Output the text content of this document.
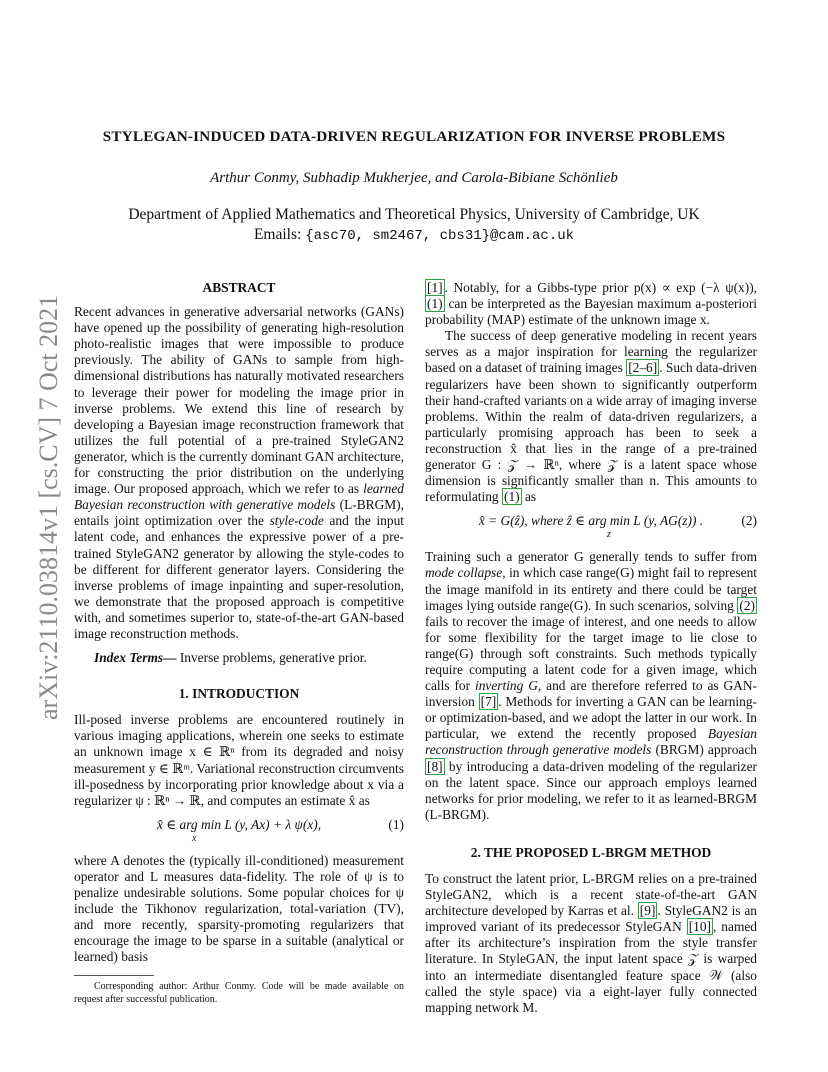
arXiv:2110.03814v1 [cs.CV] 7 Oct 2021
STYLEGAN-INDUCED DATA-DRIVEN REGULARIZATION FOR INVERSE PROBLEMS
Arthur Conmy, Subhadip Mukherjee, and Carola-Bibiane Schönlieb
Department of Applied Mathematics and Theoretical Physics, University of Cambridge, UK
Emails: {asc70, sm2467, cbs31}@cam.ac.uk

ABSTRACT

Recent advances in generative adversarial networks (GANs) have opened up the possibility of generating high-resolution photo-realistic images that were impossible to produce previously. The ability of GANs to sample from high-dimensional distributions has naturally motivated researchers to leverage their power for modeling the image prior in inverse problems. We extend this line of research by developing a Bayesian image reconstruction framework that utilizes the full potential of a pre-trained StyleGAN2 generator, which is the currently dominant GAN architecture, for constructing the prior distribution on the underlying image. Our proposed approach, which we refer to as learned Bayesian reconstruction with generative models (L-BRGM), entails joint optimization over the style-code and the input latent code, and enhances the expressive power of a pre-trained StyleGAN2 generator by allowing the style-codes to be different for different generator layers. Considering the inverse problems of image inpainting and super-resolution, we demonstrate that the proposed approach is competitive with, and sometimes superior to, state-of-the-art GAN-based image reconstruction methods.

Index Terms— Inverse problems, generative prior.

1. INTRODUCTION

Ill-posed inverse problems are encountered routinely in various imaging applications, wherein one seeks to estimate an unknown image x ∈ ℝⁿ from its degraded and noisy measurement y ∈ ℝᵐ. Variational reconstruction circumvents ill-posedness by incorporating prior knowledge about x via a regularizer ψ : ℝⁿ → ℝ, and computes an estimate x̂ as

x̂ ∈ arg min L (y, Ax) + λ ψ(x),	(1)
x

where A denotes the (typically ill-conditioned) measurement operator and L measures data-fidelity. The role of ψ is to penalize undesirable solutions. Some popular choices for ψ include the Tikhonov regularization, total-variation (TV), and more recently, sparsity-promoting regularizers that encourage the image to be sparse in a suitable (analytical or learned) basis

Corresponding author: Arthur Conmy. Code will be made available on request after successful publication.

[1] . Notably, for a Gibbs-type prior p(x) ∝ exp (−λ ψ(x)), (1) can be interpreted as the Bayesian maximum a-posteriori probability (MAP) estimate of the unknown image x.

The success of deep generative modeling in recent years serves as a major inspiration for learning the regularizer based on a dataset of training images [2–6] . Such data-driven regularizers have been shown to significantly outperform their hand-crafted variants on a wide array of imaging inverse problems. Within the realm of data-driven regularizers, a particularly promising approach has been to seek a reconstruction x̂ that lies in the range of a pre-trained generator G : 𝒵 → ℝⁿ, where 𝒵 is a latent space whose dimension is significantly smaller than n. This amounts to reformulating (1) as

x̂ = G(ẑ), where ẑ ∈ arg min L (y, AG(z)) .	(2)
z

Training such a generator G generally tends to suffer from mode collapse, in which case range(G) might fail to represent the image manifold in its entirety and there could be target images lying outside range(G). In such scenarios, solving (2) fails to recover the image of interest, and one needs to allow for some flexibility for the target image to lie close to range(G) through soft constraints. Such methods typically require computing a latent code for a given image, which calls for inverting G, and are therefore referred to as GAN-inversion [7] . Methods for inverting a GAN can be learning- or optimization-based, and we adopt the latter in our work. In particular, we extend the recently proposed Bayesian reconstruction through generative models (BRGM) approach [8] by introducing a data-driven modeling of the regularizer on the latent space. Since our approach employs learned networks for prior modeling, we refer to it as learned-BRGM (L-BRGM).

2. THE PROPOSED L-BRGM METHOD

To construct the latent prior, L-BRGM relies on a pre-trained StyleGAN2, which is a recent state-of-the-art GAN architecture developed by Karras et al. [9] . StyleGAN2 is an improved variant of its predecessor StyleGAN [10] , named after its architecture’s inspiration from the style transfer literature. In StyleGAN, the input latent space 𝒵 is warped into an intermediate disentangled feature space 𝒲 (also called the style space) via a eight-layer fully connected mapping network M.
